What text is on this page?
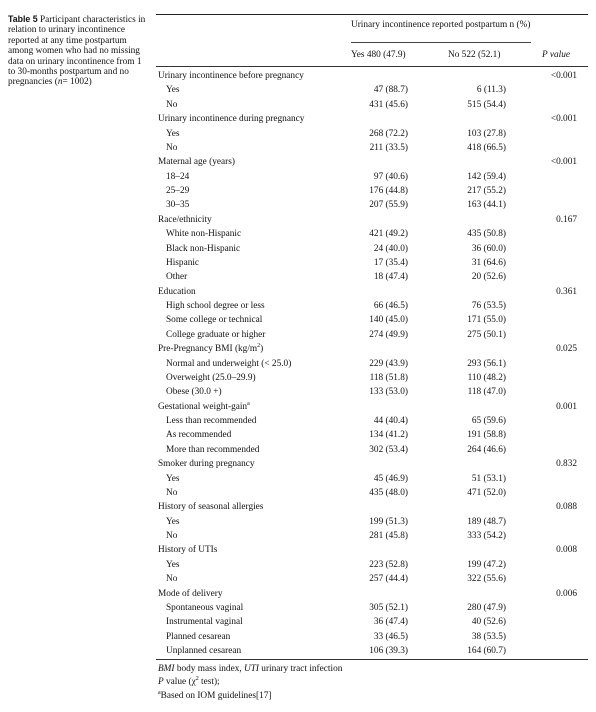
Table 5 Participant characteristics in relation to urinary incontinence reported at any time postpartum among women who had no missing data on urinary incontinence from 1 to 30-months postpartum and no pregnancies (n= 1002)
Urinary incontinence reported postpartum n (%)
Yes 480 (47.9)	No 522 (52.1)	P value
Urinary incontinence before pregnancy	<0.001
Yes	47 (88.7)	6 (11.3)
No	431 (45.6)	515 (54.4)
Urinary incontinence during pregnancy	<0.001
Yes	268 (72.2)	103 (27.8)
No	211 (33.5)	418 (66.5)
Maternal age (years)	<0.001
18–24	97 (40.6)	142 (59.4)
25–29	176 (44.8)	217 (55.2)
30–35	207 (55.9)	163 (44.1)
Race/ethnicity	0.167
White non-Hispanic	421 (49.2)	435 (50.8)
Black non-Hispanic	24 (40.0)	36 (60.0)
Hispanic	17 (35.4)	31 (64.6)
Other	18 (47.4)	20 (52.6)
Education	0.361
High school degree or less	66 (46.5)	76 (53.5)
Some college or technical	140 (45.0)	171 (55.0)
College graduate or higher	274 (49.9)	275 (50.1)
Pre-Pregnancy BMI $(kg/m^2)$	0.025
Normal and underweight (< 25.0)	229 (43.9)	293 (56.1)
Overweight (25.0–29.9)	118 (51.8)	110 (48.2)
Obese (30.0 +)	133 (53.0)	118 (47.0)
Gestational weight-gain$^a$	0.001
Less than recommended	44 (40.4)	65 (59.6)
As recommended	134 (41.2)	191 (58.8)
More than recommended	302 (53.4)	264 (46.6)
Smoker during pregnancy	0.832
Yes	45 (46.9)	51 (53.1)
No	435 (48.0)	471 (52.0)
History of seasonal allergies	0.088
Yes	199 (51.3)	189 (48.7)
No	281 (45.8)	333 (54.2)
History of UTIs	0.008
Yes	223 (52.8)	199 (47.2)
No	257 (44.4)	322 (55.6)
Mode of delivery	0.006
Spontaneous vaginal	305 (52.1)	280 (47.9)
Instrumental vaginal	36 (47.4)	40 (52.6)
Planned cesarean	33 (46.5)	38 (53.5)
Unplanned cesarean	106 (39.3)	164 (60.7)
BMI body mass index, UTI urinary tract infection
P value ($\chi^2$ test);
$^a$Based on IOM guidelines[17]
